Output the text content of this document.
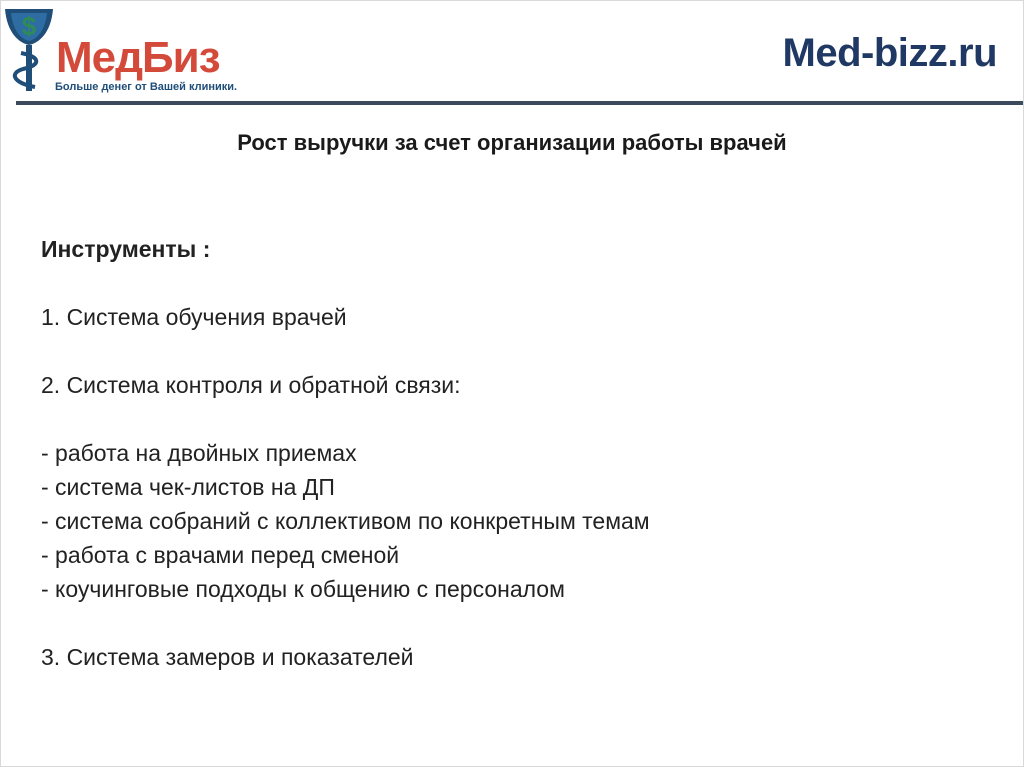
$
МедБиз
Больше денег от Вашей клиники.
Med-bizz.ru
Рост выручки за счет организации работы врачей
Инструменты :
1. Система обучения врачей
2. Система контроля и обратной связи:
- работа на двойных приемах
- система чек-листов на ДП
- система собраний с коллективом по конкретным темам
- работа с врачами перед сменой
- коучинговые подходы к общению с персоналом
3. Система замеров и показателей
